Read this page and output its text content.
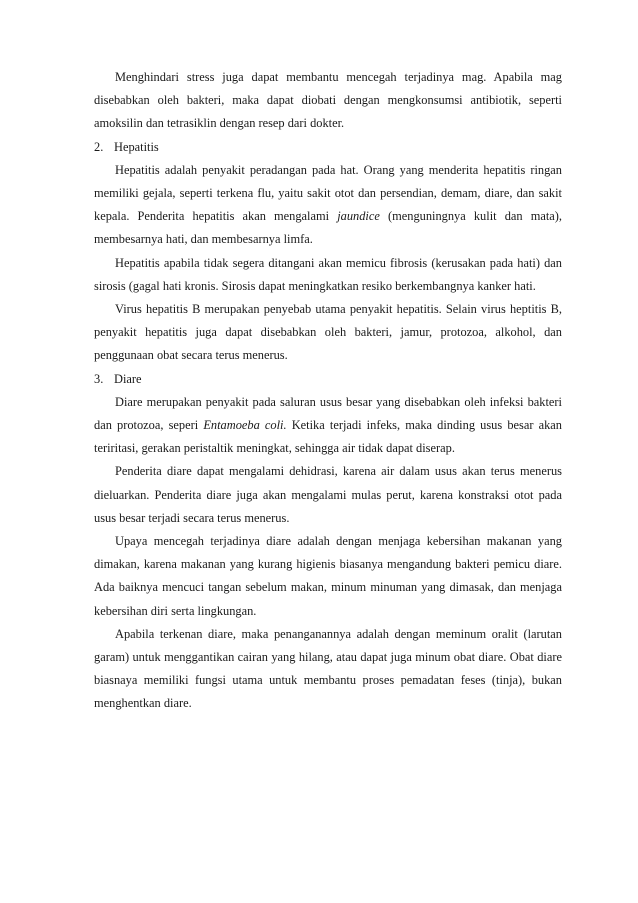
Menghindari stress juga dapat membantu mencegah terjadinya mag. Apabila mag disebabkan oleh bakteri, maka dapat diobati dengan mengkonsumsi antibiotik, seperti amoksilin dan tetrasiklin dengan resep dari dokter.

2. Hepatitis

Hepatitis adalah penyakit peradangan pada hat. Orang yang menderita hepatitis ringan memiliki gejala, seperti terkena flu, yaitu sakit otot dan persendian, demam, diare, dan sakit kepala. Penderita hepatitis akan mengalami jaundice (menguningnya kulit dan mata), membesarnya hati, dan membesarnya limfa.

Hepatitis apabila tidak segera ditangani akan memicu fibrosis (kerusakan pada hati) dan sirosis (gagal hati kronis. Sirosis dapat meningkatkan resiko berkembangnya kanker hati.

Virus hepatitis B merupakan penyebab utama penyakit hepatitis. Selain virus heptitis B, penyakit hepatitis juga dapat disebabkan oleh bakteri, jamur, protozoa, alkohol, dan penggunaan obat secara terus menerus.

3. Diare

Diare merupakan penyakit pada saluran usus besar yang disebabkan oleh infeksi bakteri dan protozoa, seperi Entamoeba coli. Ketika terjadi infeks, maka dinding usus besar akan teriritasi, gerakan peristaltik meningkat, sehingga air tidak dapat diserap.

Penderita diare dapat mengalami dehidrasi, karena air dalam usus akan terus menerus dieluarkan. Penderita diare juga akan mengalami mulas perut, karena konstraksi otot pada usus besar terjadi secara terus menerus.

Upaya mencegah terjadinya diare adalah dengan menjaga kebersihan makanan yang dimakan, karena makanan yang kurang higienis biasanya mengandung bakteri pemicu diare. Ada baiknya mencuci tangan sebelum makan, minum minuman yang dimasak, dan menjaga kebersihan diri serta lingkungan.

Apabila terkenan diare, maka penanganannya adalah dengan meminum oralit (larutan garam) untuk menggantikan cairan yang hilang, atau dapat juga minum obat diare. Obat diare biasnaya memiliki fungsi utama untuk membantu proses pemadatan feses (tinja), bukan menghentkan diare.
